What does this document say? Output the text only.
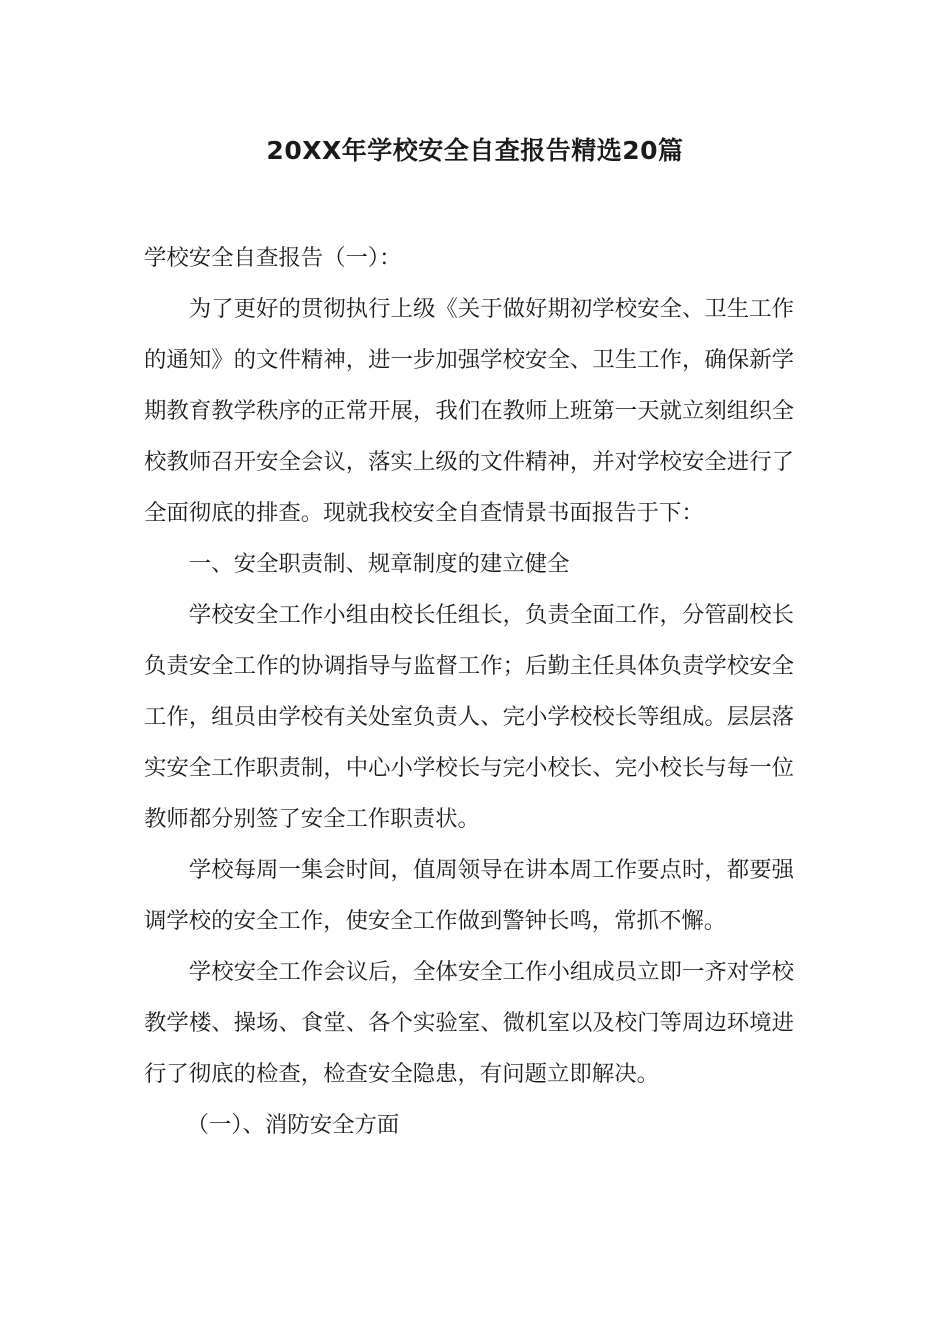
20XX年学校安全自查报告精选20篇

学校安全自查报告（一）：

为了更好的贯彻执行上级《关于做好期初学校安全、卫生工作的通知》的文件精神，进一步加强学校安全、卫生工作，确保新学期教育教学秩序的正常开展，我们在教师上班第一天就立刻组织全校教师召开安全会议，落实上级的文件精神，并对学校安全进行了全面彻底的排查。现就我校安全自查情景书面报告于下：

一、安全职责制、规章制度的建立健全

学校安全工作小组由校长任组长，负责全面工作，分管副校长负责安全工作的协调指导与监督工作；后勤主任具体负责学校安全工作，组员由学校有关处室负责人、完小学校校长等组成。层层落实安全工作职责制，中心小学校长与完小校长、完小校长与每一位教师都分别签了安全工作职责状。

学校每周一集会时间，值周领导在讲本周工作要点时，都要强调学校的安全工作，使安全工作做到警钟长鸣，常抓不懈。

学校安全工作会议后，全体安全工作小组成员立即一齐对学校教学楼、操场、食堂、各个实验室、微机室以及校门等周边环境进行了彻底的检查，检查安全隐患，有问题立即解决。

（一）、消防安全方面
